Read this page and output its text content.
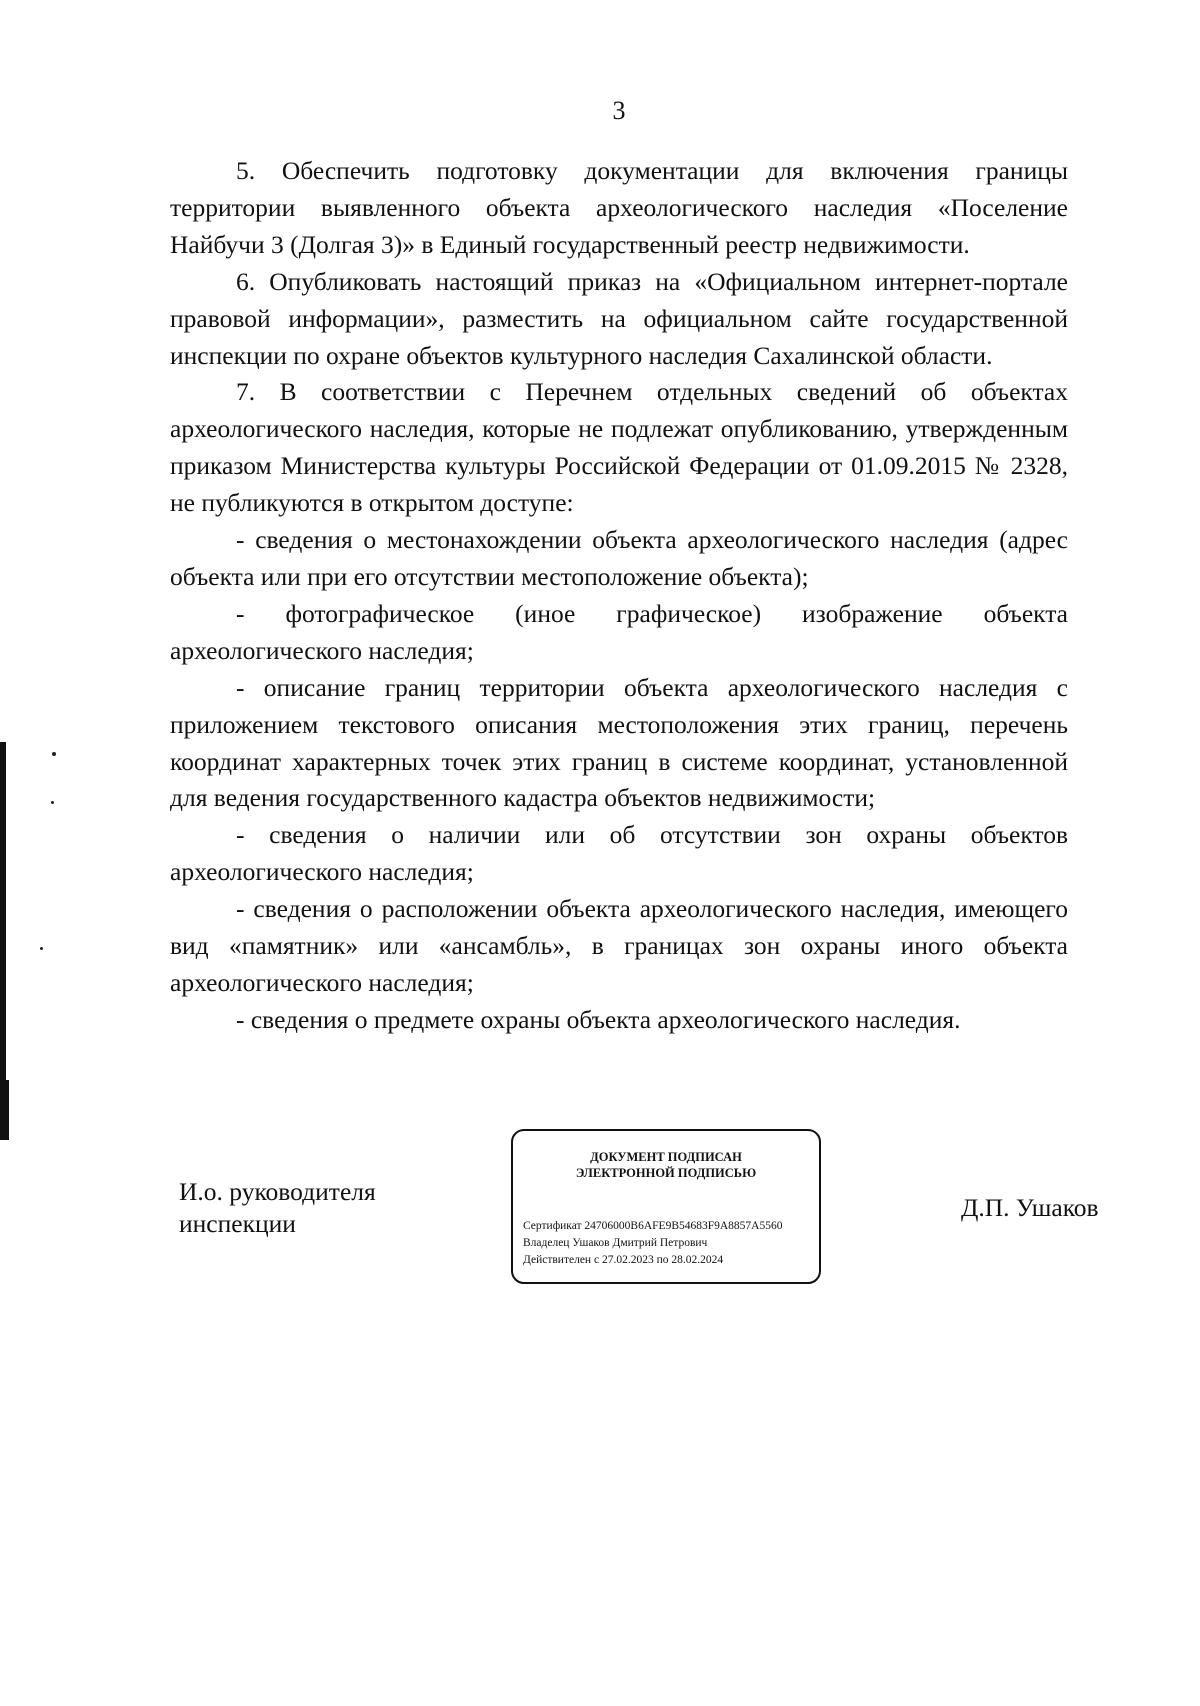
3

5. Обеспечить подготовку документации для включения границы территории выявленного объекта археологического наследия «Поселение Найбучи 3 (Долгая 3)» в Единый государственный реестр недвижимости.

6. Опубликовать настоящий приказ на «Официальном интернет-портале правовой информации», разместить на официальном сайте государственной инспекции по охране объектов культурного наследия Сахалинской области.

7. В соответствии с Перечнем отдельных сведений об объектах археологического наследия, которые не подлежат опубликованию, утвержденным приказом Министерства культуры Российской Федерации от 01.09.2015 № 2328, не публикуются в открытом доступе:

- сведения о местонахождении объекта археологического наследия (адрес объекта или при его отсутствии местоположение объекта);

- фотографическое (иное графическое) изображение объекта археологического наследия;

- описание границ территории объекта археологического наследия с приложением текстового описания местоположения этих границ, перечень координат характерных точек этих границ в системе координат, установленной для ведения государственного кадастра объектов недвижимости;

- сведения о наличии или об отсутствии зон охраны объектов археологического наследия;

- сведения о расположении объекта археологического наследия, имеющего вид «памятник» или «ансамбль», в границах зон охраны иного объекта археологического наследия;

- сведения о предмете охраны объекта археологического наследия.

И.о. руководителя
инспекции
ДОКУМЕНТ ПОДПИСАН
ЭЛЕКТРОННОЙ ПОДПИСЬЮ
Сертификат 24706000B6AFE9B54683F9A8857A5560
Владелец Ушаков Дмитрий Петрович
Действителен с 27.02.2023 по 28.02.2024
Д.П. Ушаков
